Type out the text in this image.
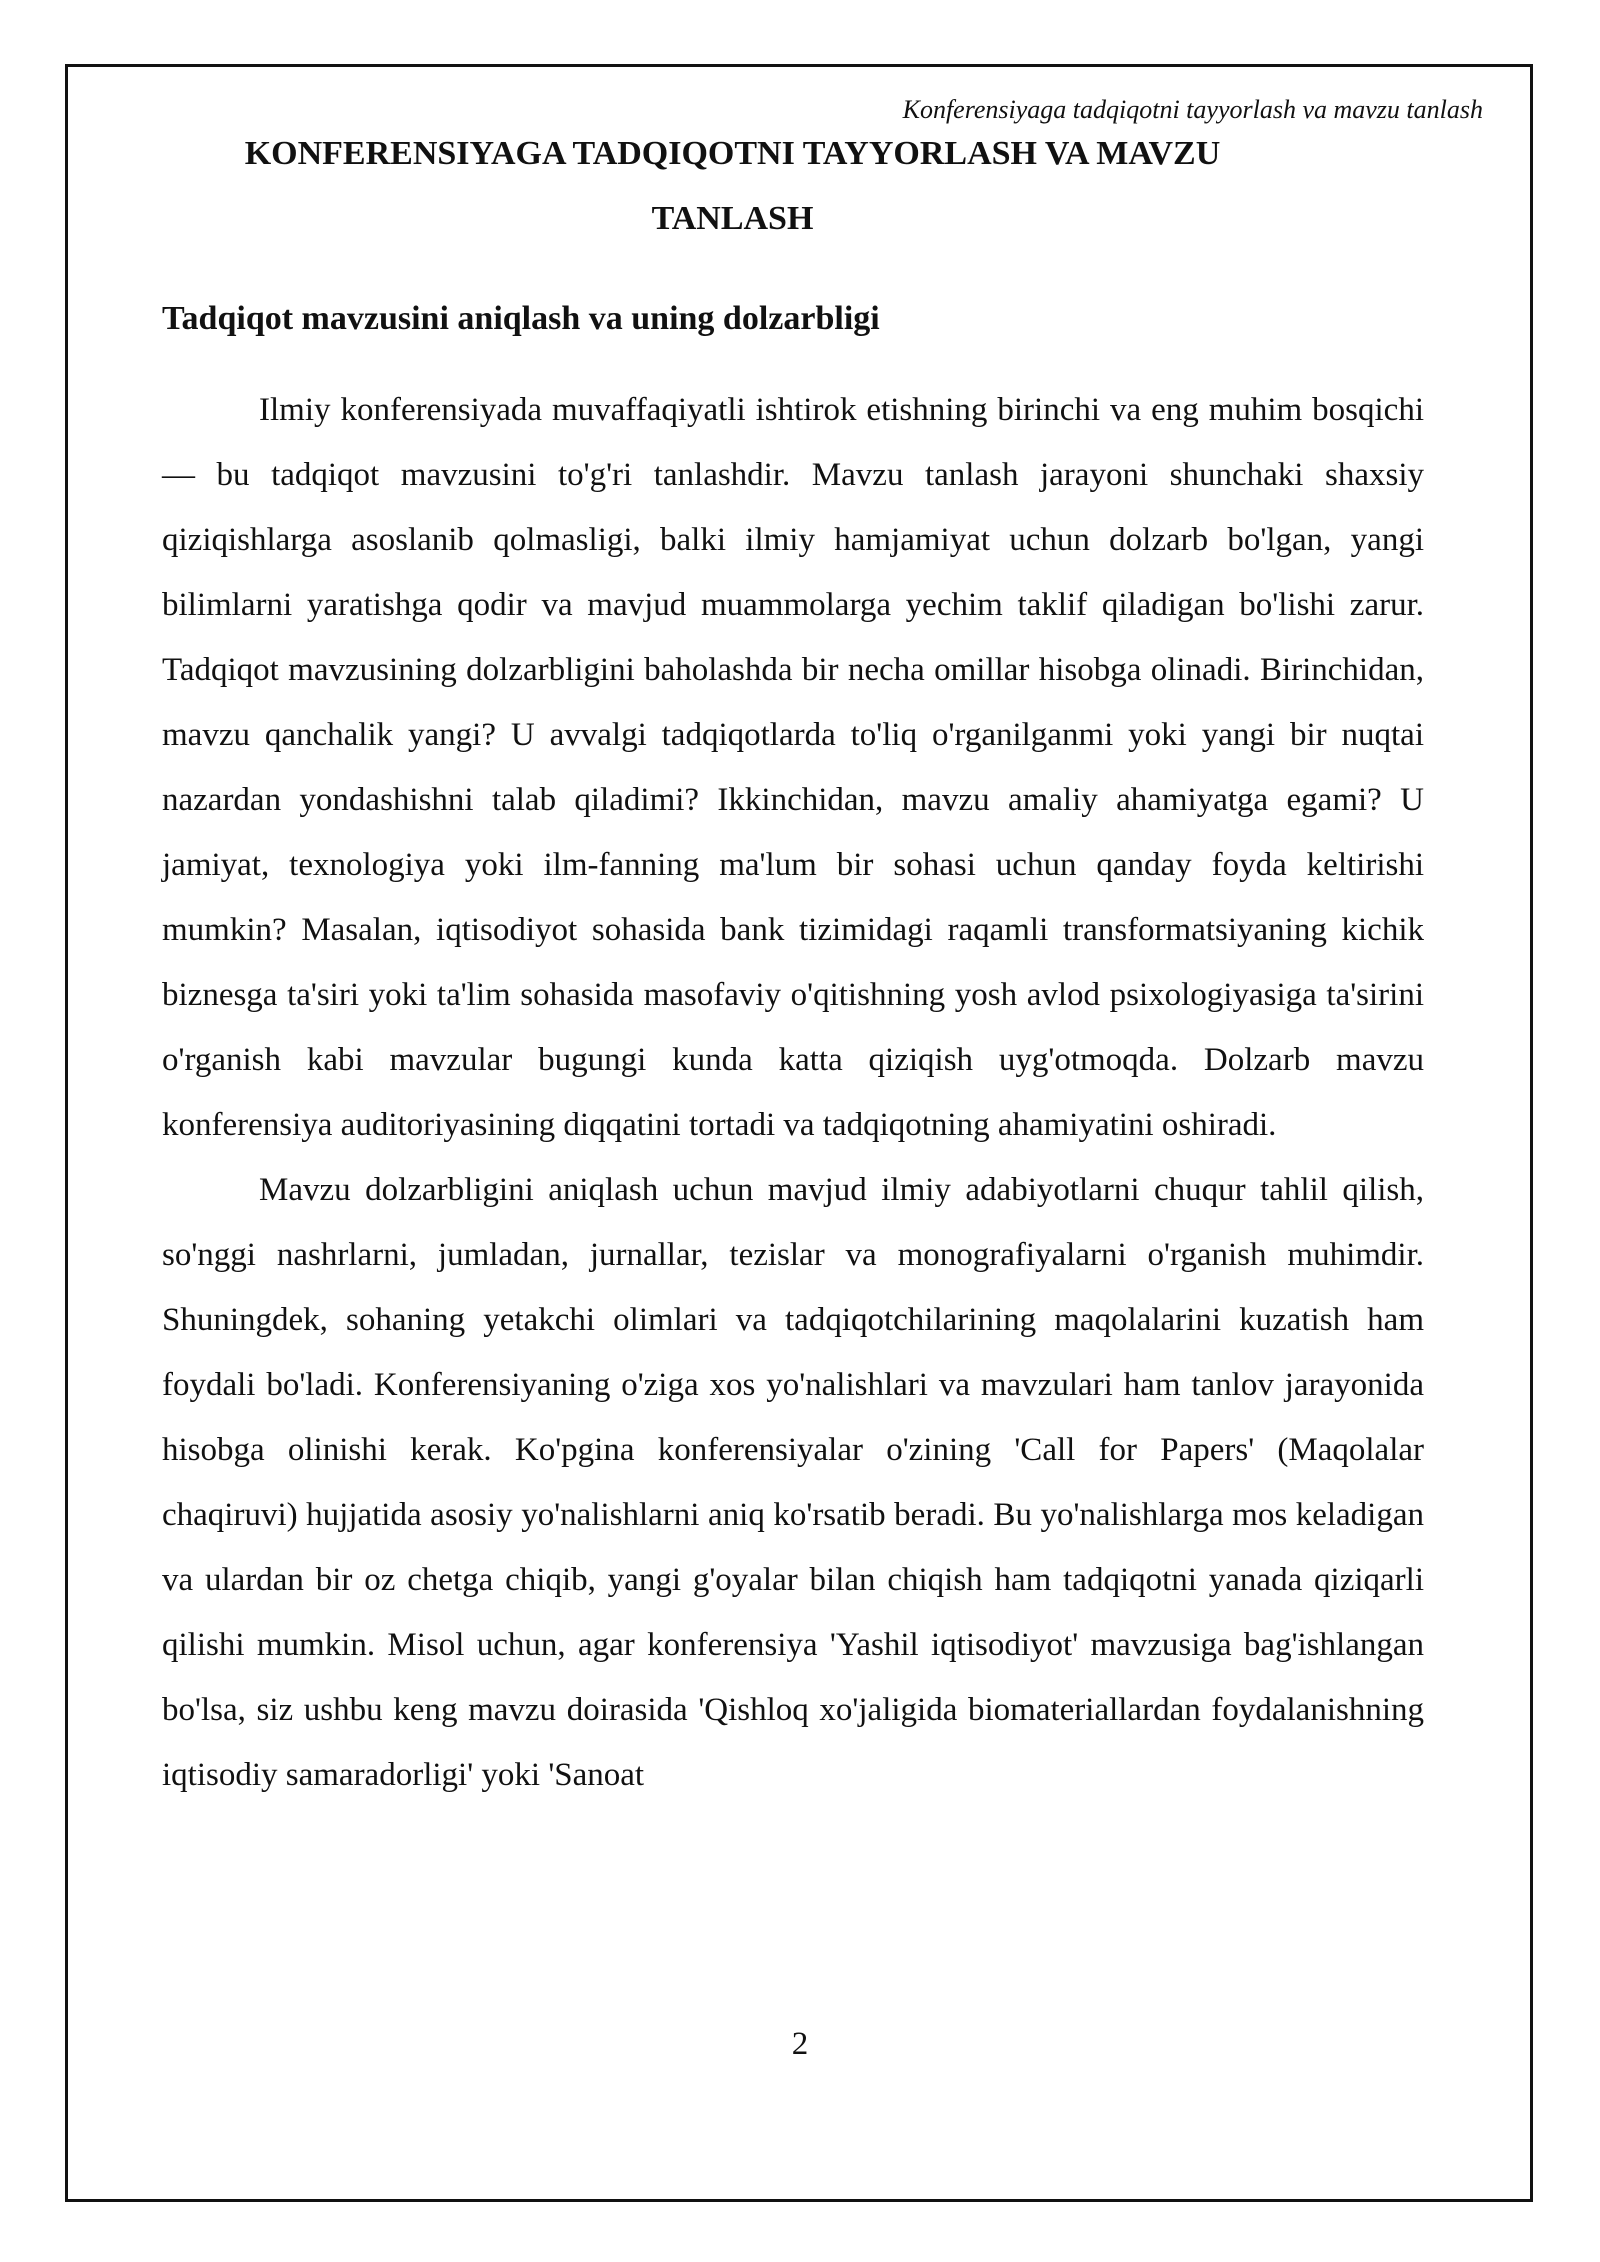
Konferensiyaga tadqiqotni tayyorlash va mavzu tanlash
KONFERENSIYAGA TADQIQOTNI TAYYORLASH VA MAVZU TANLASH
Tadqiqot mavzusini aniqlash va uning dolzarbligi

Ilmiy konferensiyada muvaffaqiyatli ishtirok etishning birinchi va eng muhim bosqichi — bu tadqiqot mavzusini to'g'ri tanlashdir. Mavzu tanlash jarayoni shunchaki shaxsiy qiziqishlarga asoslanib qolmasligi, balki ilmiy hamjamiyat uchun dolzarb bo'lgan, yangi bilimlarni yaratishga qodir va mavjud muammolarga yechim taklif qiladigan bo'lishi zarur. Tadqiqot mavzusining dolzarbligini baholashda bir necha omillar hisobga olinadi. Birinchidan, mavzu qanchalik yangi? U avvalgi tadqiqotlarda to'liq o'rganilganmi yoki yangi bir nuqtai nazardan yondashishni talab qiladimi? Ikkinchidan, mavzu amaliy ahamiyatga egami? U jamiyat, texnologiya yoki ilm-fanning ma'lum bir sohasi uchun qanday foyda keltirishi mumkin? Masalan, iqtisodiyot sohasida bank tizimidagi raqamli transformatsiyaning kichik biznesga ta'siri yoki ta'lim sohasida masofaviy o'qitishning yosh avlod psixologiyasiga ta'sirini o'rganish kabi mavzular bugungi kunda katta qiziqish uyg'otmoqda. Dolzarb mavzu konferensiya auditoriyasining diqqatini tortadi va tadqiqotning ahamiyatini oshiradi.

Mavzu dolzarbligini aniqlash uchun mavjud ilmiy adabiyotlarni chuqur tahlil qilish, so'nggi nashrlarni, jumladan, jurnallar, tezislar va monografiyalarni o'rganish muhimdir. Shuningdek, sohaning yetakchi olimlari va tadqiqotchilarining maqolalarini kuzatish ham foydali bo'ladi. Konferensiyaning o'ziga xos yo'nalishlari va mavzulari ham tanlov jarayonida hisobga olinishi kerak. Ko'pgina konferensiyalar o'zining 'Call for Papers' (Maqolalar chaqiruvi) hujjatida asosiy yo'nalishlarni aniq ko'rsatib beradi. Bu yo'nalishlarga mos keladigan va ulardan bir oz chetga chiqib, yangi g'oyalar bilan chiqish ham tadqiqotni yanada qiziqarli qilishi mumkin. Misol uchun, agar konferensiya 'Yashil iqtisodiyot' mavzusiga bag'ishlangan bo'lsa, siz ushbu keng mavzu doirasida 'Qishloq xo'jaligida biomateriallardan foydalanishning iqtisodiy samaradorligi' yoki 'Sanoat

2
